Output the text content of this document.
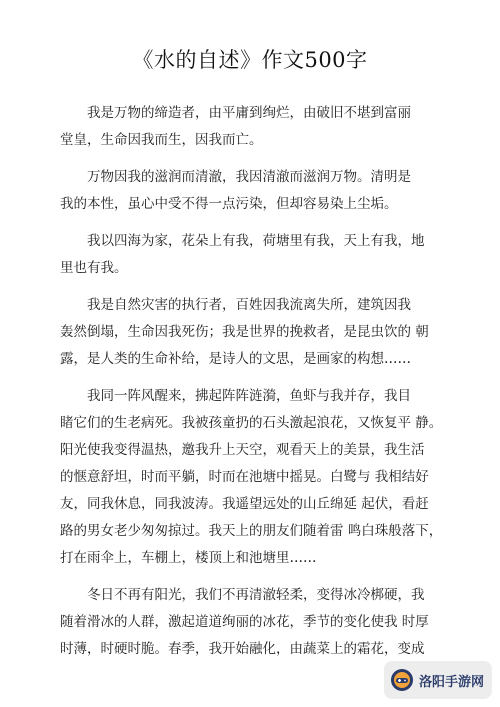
《水的自述》作文500字

我是万物的缔造者，由平庸到绚烂，由破旧不堪到富丽
堂皇，生命因我而生，因我而亡。

万物因我的滋润而清澈，我因清澈而滋润万物。清明是
我的本性，虽心中受不得一点污染，但却容易染上尘垢。

我以四海为家，花朵上有我，荷塘里有我，天上有我，地
里也有我。

我是自然灾害的执行者，百姓因我流离失所，建筑因我
轰然倒塌，生命因我死伤；我是世界的挽救者，是昆虫饮的 朝
露，是人类的生命补给，是诗人的文思，是画家的构想……

我同一阵风醒来，拂起阵阵涟漪，鱼虾与我并存，我目
睹它们的生老病死。我被孩童扔的石头激起浪花，又恢复平 静。
阳光使我变得温热，邀我升上天空，观看天上的美景，我生活
的惬意舒坦，时而平躺，时而在池塘中摇晃。白鹭与 我相结好
友，同我休息，同我波涛。我遥望远处的山丘绵延 起伏，看赶
路的男女老少匆匆掠过。我天上的朋友们随着雷 鸣白珠般落下，
打在雨伞上，车棚上，楼顶上和池塘里……

冬日不再有阳光，我们不再清澈轻柔，变得冰冷梆硬，我
随着滑冰的人群，激起道道绚丽的冰花，季节的变化使我 时厚
时薄，时硬时脆。春季，我开始融化，由蔬菜上的霜花，变成

洛阳手游网
